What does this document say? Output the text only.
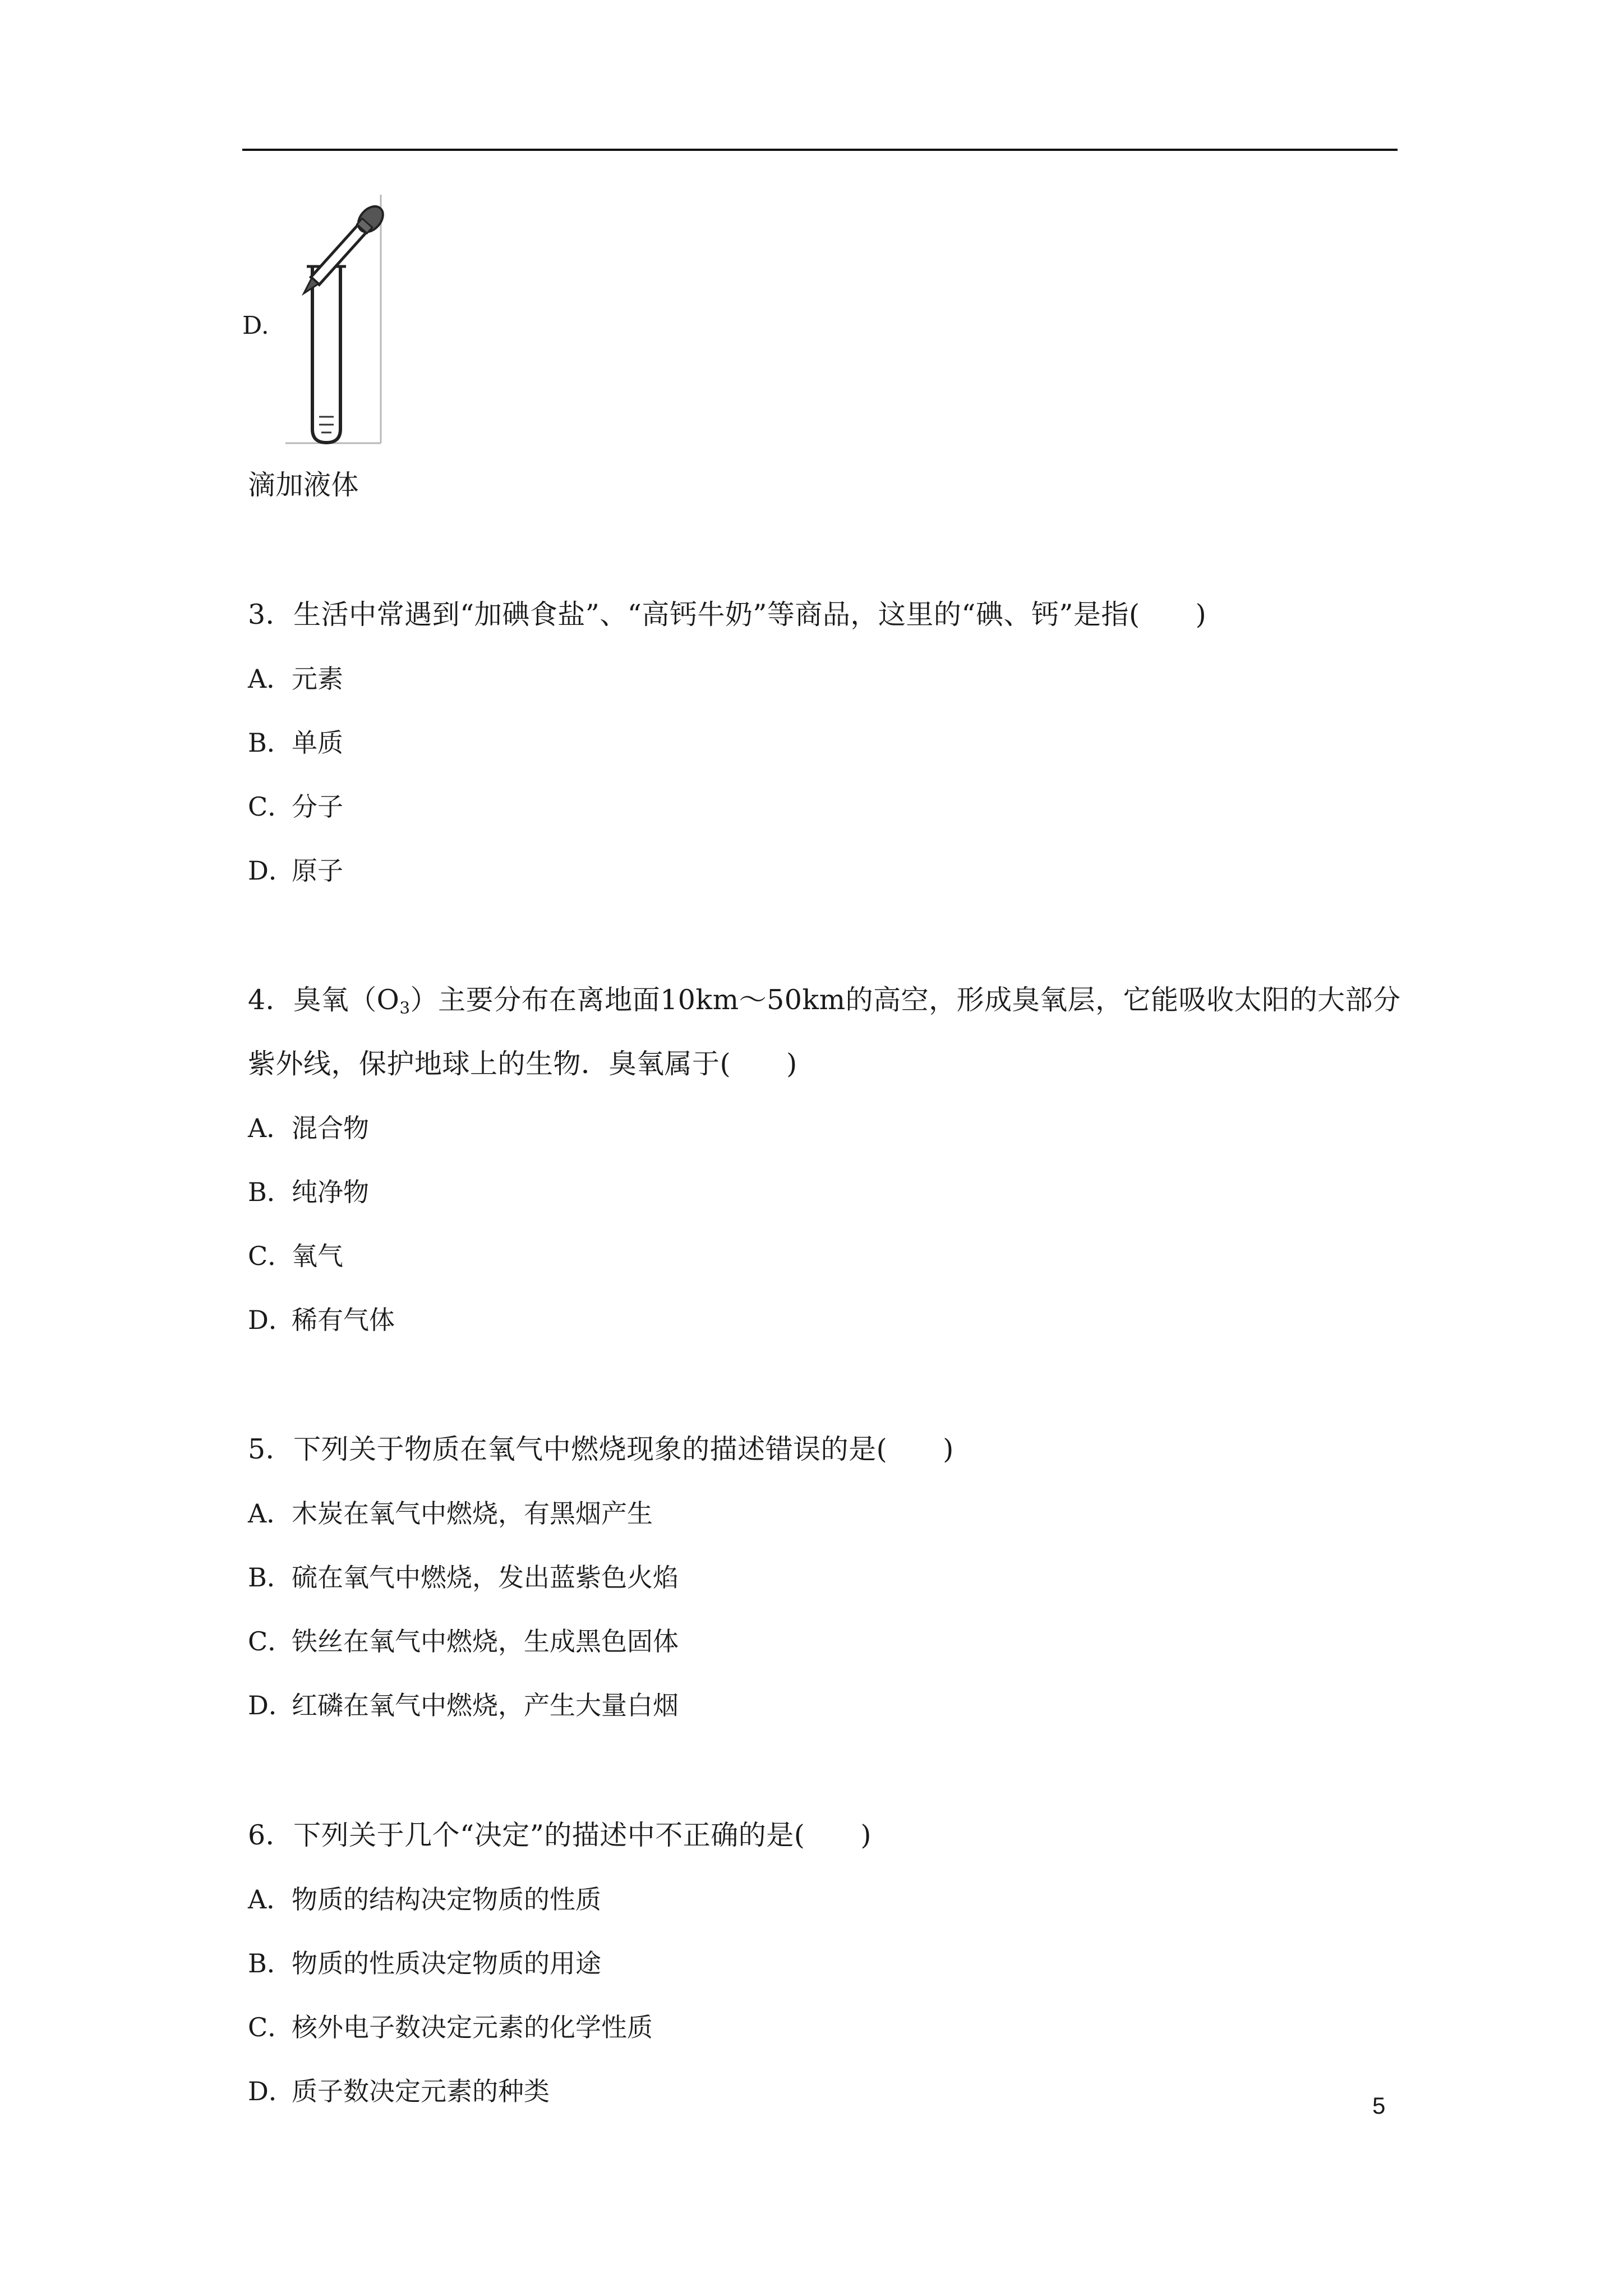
D.
滴加液体
3．生活中常遇到“加碘食盐”、“高钙牛奶”等商品，这里的“碘、钙”是指(　　)
A．元素
B．单质
C．分子
D．原子
4．臭氧$(O_3)$主要分布在离地面10km～50km的高空，形成臭氧层，它能吸收太阳的大部分
紫外线，保护地球上的生物．臭氧属于(　　)
A．混合物
B．纯净物
C．氧气
D．稀有气体
5．下列关于物质在氧气中燃烧现象的描述错误的是(　　)
A．木炭在氧气中燃烧，有黑烟产生
B．硫在氧气中燃烧，发出蓝紫色火焰
C．铁丝在氧气中燃烧，生成黑色固体
D．红磷在氧气中燃烧，产生大量白烟
6．下列关于几个“决定”的描述中不正确的是(　　)
A．物质的结构决定物质的性质
B．物质的性质决定物质的用途
C．核外电子数决定元素的化学性质
D．质子数决定元素的种类	5
